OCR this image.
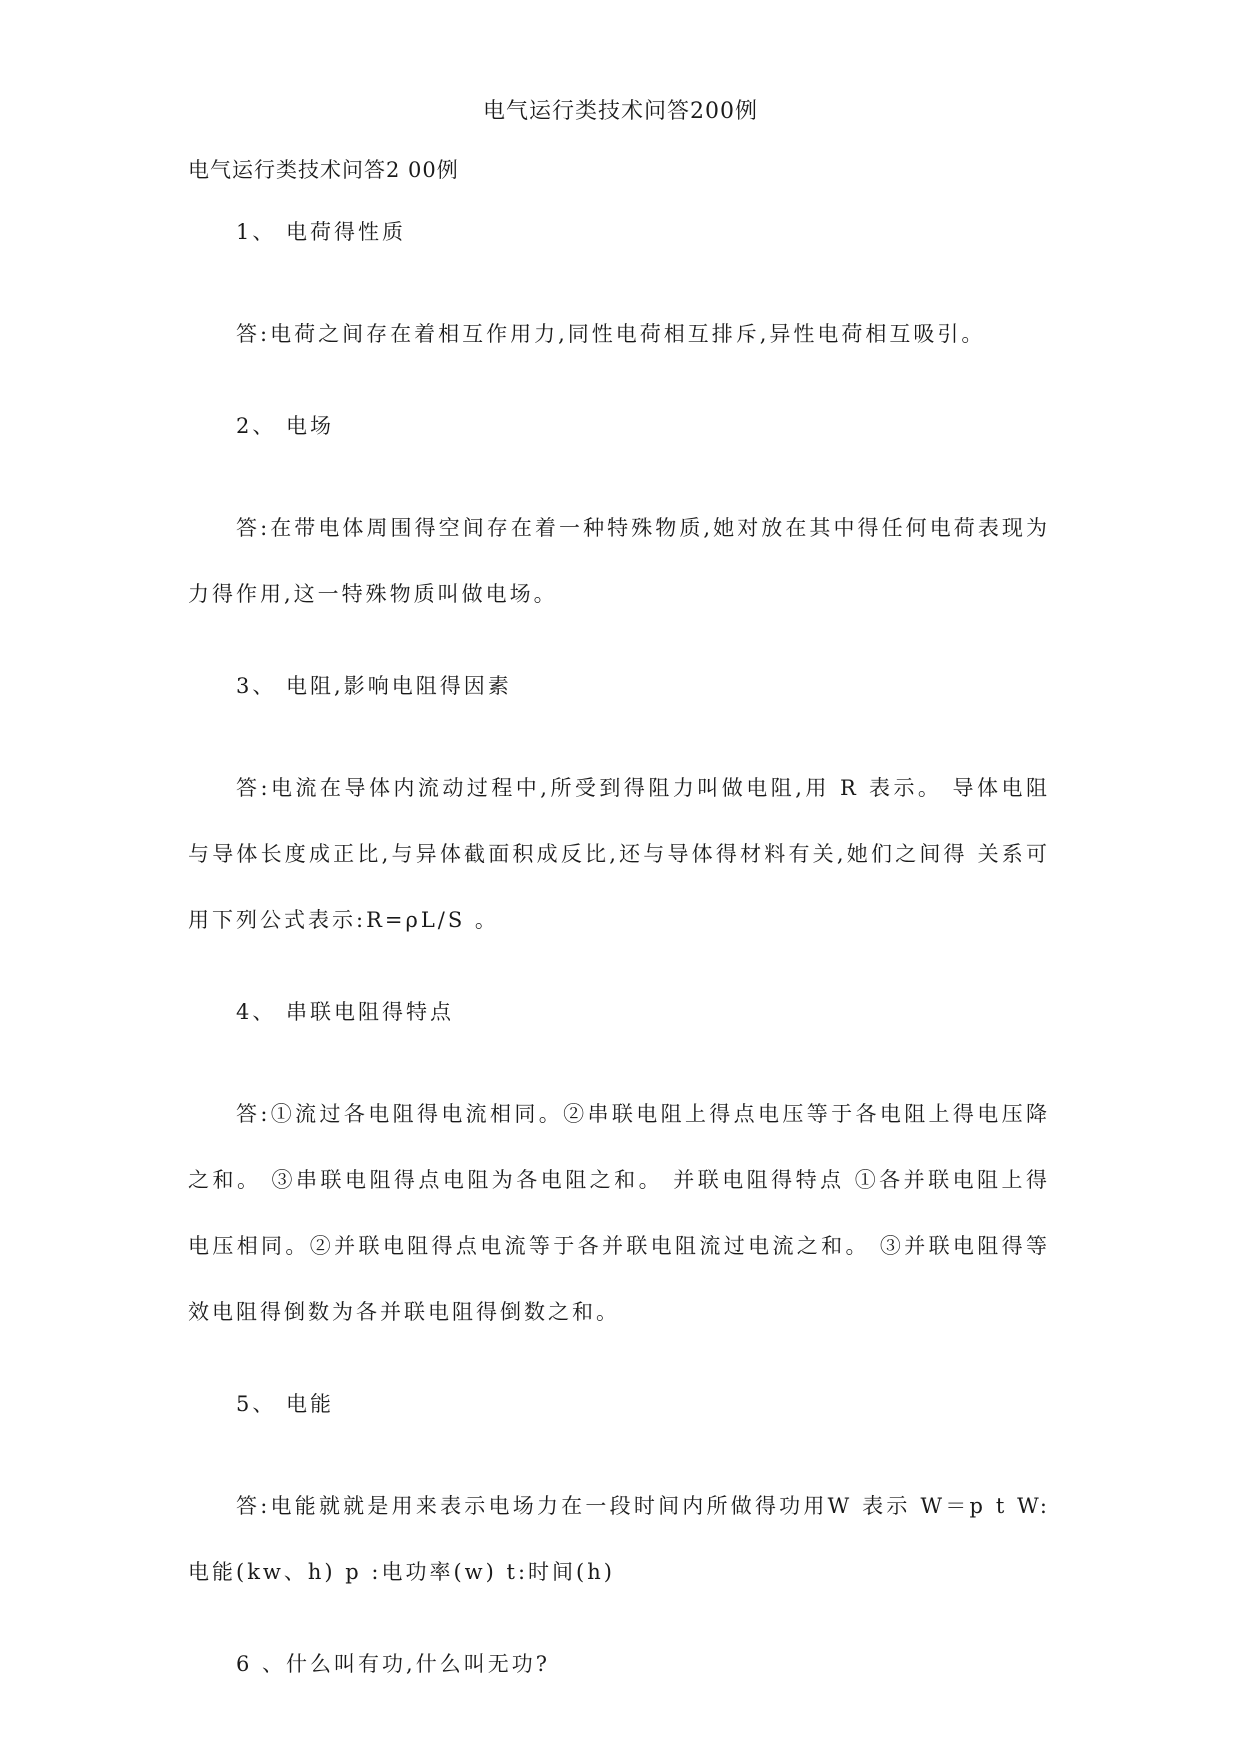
电气运行类技术问答200例
电气运行类技术问答2 00例

1、 电荷得性质

答:电荷之间存在着相互作用力,同性电荷相互排斥,异性电荷相互吸引。

2、 电场

答:在带电体周围得空间存在着一种特殊物质,她对放在其中得任何电荷表现为力得作用,这一特殊物质叫做电场。

3、 电阻,影响电阻得因素

答:电流在导体内流动过程中,所受到得阻力叫做电阻,用 R 表示。 导体电阻与导体长度成正比,与异体截面积成反比,还与导体得材料有关,她们之间得 关系可用下列公式表示:R=ρL/S 。

4、 串联电阻得特点

答:①流过各电阻得电流相同。②串联电阻上得点电压等于各电阻上得电压降之和。 ③串联电阻得点电阻为各电阻之和。 并联电阻得特点 ①各并联电阻上得电压相同。②并联电阻得点电流等于各并联电阻流过电流之和。 ③并联电阻得等效电阻得倒数为各并联电阻得倒数之和。

5、 电能

答:电能就就是用来表示电场力在一段时间内所做得功用W 表示 W＝p t W:电能(kw、h) p :电功率(w) t:时间(h)

6 、什么叫有功,什么叫无功?
